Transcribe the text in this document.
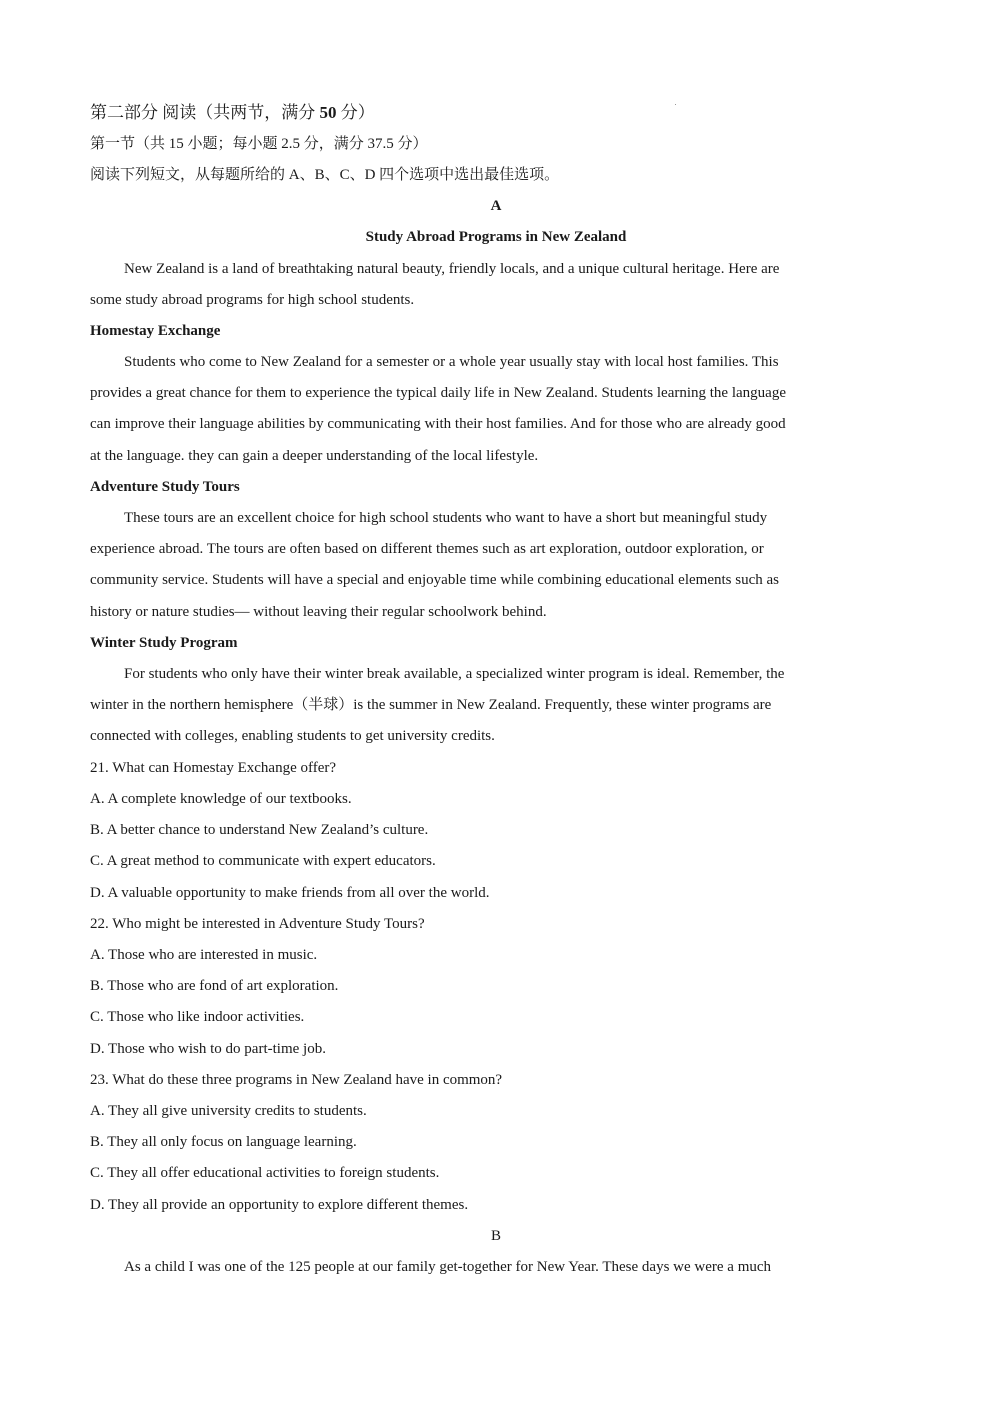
第二部分 阅读（共两节，满分 50 分）
第一节（共 15 小题；每小题 2.5 分，满分 37.5 分）
阅读下列短文，从每题所给的 A、B、C、D 四个选项中选出最佳选项。
A
Study Abroad Programs in New Zealand
New Zealand is a land of breathtaking natural beauty, friendly locals, and a unique cultural heritage. Here are
some study abroad programs for high school students.
Homestay Exchange
Students who come to New Zealand for a semester or a whole year usually stay with local host families. This
provides a great chance for them to experience the typical daily life in New Zealand. Students learning the language
can improve their language abilities by communicating with their host families. And for those who are already good
at the language. they can gain a deeper understanding of the local lifestyle.
Adventure Study Tours
These tours are an excellent choice for high school students who want to have a short but meaningful study
experience abroad. The tours are often based on different themes such as art exploration, outdoor exploration, or
community service. Students will have a special and enjoyable time while combining educational elements such as
history or nature studies— without leaving their regular schoolwork behind.
Winter Study Program
For students who only have their winter break available, a specialized winter program is ideal. Remember, the
winter in the northern hemisphere（半球）is the summer in New Zealand. Frequently, these winter programs are
connected with colleges, enabling students to get university credits.
21. What can Homestay Exchange offer?
A. A complete knowledge of our textbooks.
B. A better chance to understand New Zealand’s culture.
C. A great method to communicate with expert educators.
D. A valuable opportunity to make friends from all over the world.
22. Who might be interested in Adventure Study Tours?
A. Those who are interested in music.
B. Those who are fond of art exploration.
C. Those who like indoor activities.
D. Those who wish to do part-time job.
23. What do these three programs in New Zealand have in common?
A. They all give university credits to students.
B. They all only focus on language learning.
C. They all offer educational activities to foreign students.
D. They all provide an opportunity to explore different themes.
B
As a child I was one of the 125 people at our family get-together for New Year. These days we were a much
